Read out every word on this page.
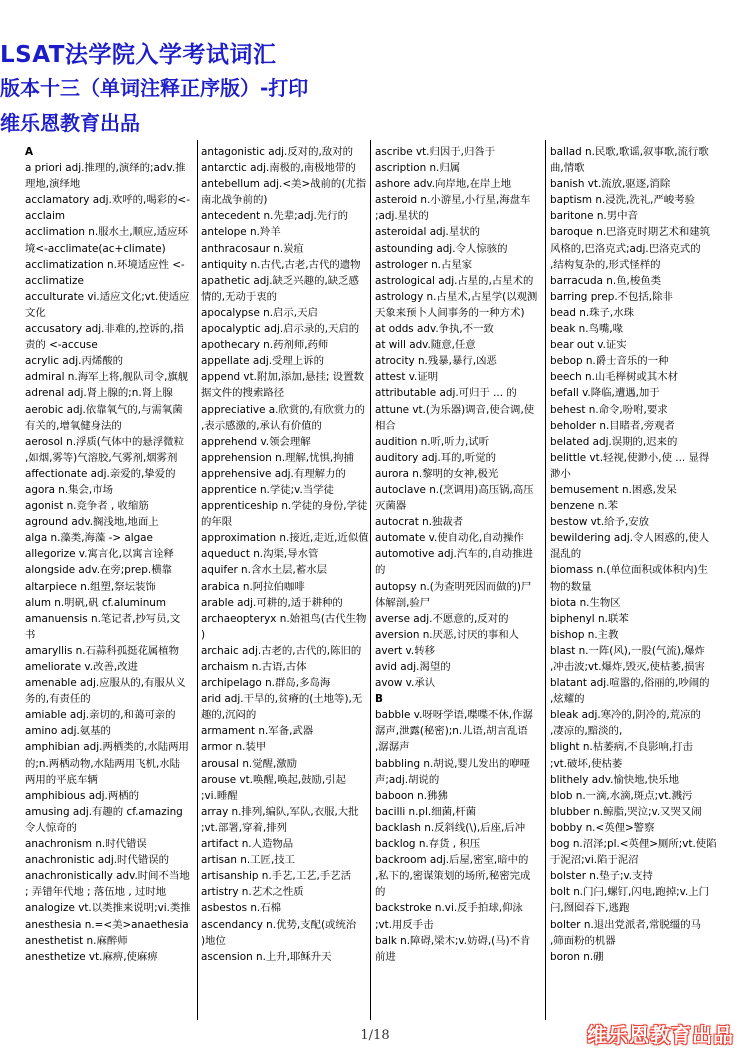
LSAT法学院入学考试词汇
版本十三（单词注释正序版）-打印
维乐恩教育出品
A
a priori adj.推理的,演绎的;adv.推
理地,演绎地
acclamatory adj.欢呼的,喝彩的<-
acclaim
acclimation n.服水土,顺应,适应环
境<-acclimate(ac+climate)
acclimatization n.环境适应性 <-
acclimatize
acculturate vi.适应文化;vt.使适应
文化
accusatory adj.非难的,控诉的,指
责的 <-accuse
acrylic adj.丙烯酸的
admiral n.海军上将,舰队司令,旗舰
adrenal adj.肾上腺的;n.肾上腺
aerobic adj.依靠氧气的,与需氧菌
有关的,增氧健身法的
aerosol n.浮质(气体中的悬浮微粒
,如烟,雾等)气溶胶,气雾剂,烟雾剂
affectionate adj.亲爱的,挚爱的
agora n.集会,市场
agonist n.竞争者 , 收缩筋
aground adv.搁浅地,地面上
alga n.藻类,海藻 -> algae
allegorize v.寓言化,以寓言诠释
alongside adv.在旁;prep.横靠
altarpiece n.组塑,祭坛装饰
alum n.明矾,矾 cf.aluminum
amanuensis n.笔记者,抄写员,文
书
amaryllis n.石蒜科孤挺花属植物
ameliorate v.改善,改进
amenable adj.应服从的,有服从义
务的,有责任的
amiable adj.亲切的,和蔼可亲的
amino adj.氨基的
amphibian adj.两栖类的,水陆两用
的;n.两栖动物,水陆两用飞机,水陆
两用的平底车辆
amphibious adj.两栖的
amusing adj.有趣的 cf.amazing
令人惊奇的
anachronism n.时代错误
anachronistic adj.时代错误的
anachronistically adv.时间不当地
; 弄错年代地 ; 落伍地 , 过时地
analogize vt.以类推来说明;vi.类推
anesthesia n.=<美>anaethesia
anesthetist n.麻醉师
anesthetize vt.麻痹,使麻痹
antagonistic adj.反对的,敌对的
antarctic adj.南极的,南极地带的
antebellum adj.<美>战前的(尤指
南北战争前的)
antecedent n.先辈;adj.先行的
antelope n.羚羊
anthracosaur n.炭疽
antiquity n.古代,古老,古代的遗物
apathetic adj.缺乏兴趣的,缺乏感
情的,无动于衷的
apocalypse n.启示,天启
apocalyptic adj.启示录的,天启的
apothecary n.药剂师,药师
appellate adj.受理上诉的
append vt.附加,添加,悬挂; 设置数
据文件的搜索路径
appreciative a.欣赏的,有欣赏力的
,表示感激的,承认有价值的
apprehend v.领会理解
apprehension n.理解,忧惧,拘捕
apprehensive adj.有理解力的
apprentice n.学徒;v.当学徒
apprenticeship n.学徒的身份,学徒
的年限
approximation n.接近,走近,近似值
aqueduct n.沟渠,导水管
aquifer n.含水土层,蓄水层
arabica n.阿拉伯咖啡
arable adj.可耕的,适于耕种的
archaeopteryx n.始祖鸟(古代生物
)
archaic adj.古老的,古代的,陈旧的
archaism n.古语,古体
archipelago n.群岛,多岛海
arid adj.干旱的,贫瘠的(土地等),无
趣的,沉闷的
armament n.军备,武器
armor n.装甲
arousal n.觉醒,激励
arouse vt.唤醒,唤起,鼓励,引起
;vi.睡醒
array n.排列,编队,军队,衣服,大批
;vt.部署,穿着,排列
artifact n.人造物品
artisan n.工匠,技工
artisanship n.手艺,工艺,手艺活
artistry n.艺术之性质
asbestos n.石棉
ascendancy n.优势,支配(或统治
)地位
ascension n.上升,耶稣升天
ascribe vt.归因于,归咎于
ascription n.归属
ashore adv.向岸地,在岸上地
asteroid n.小游星,小行星,海盘车
;adj.星状的
asteroidal adj.星状的
astounding adj.令人惊骇的
astrologer n.占星家
astrological adj.占星的,占星术的
astrology n.占星术,占星学(以观测
天象来预卜人间事务的一种方术)
at odds adv.争执,不一致
at will adv.随意,任意
atrocity n.残暴,暴行,凶恶
attest v.证明
attributable adj.可归于 ... 的
attune vt.(为乐器)调音,使合调,使
相合
audition n.听,听力,试听
auditory adj.耳的,听觉的
aurora n.黎明的女神,极光
autoclave n.(烹调用)高压锅,高压
灭菌器
autocrat n.独裁者
automate v.使自动化,自动操作
automotive adj.汽车的,自动推进
的
autopsy n.(为查明死因而做的)尸
体解剖,验尸
averse adj.不愿意的,反对的
aversion n.厌恶,讨厌的事和人
avert v.转移
avid adj.渴望的
avow v.承认
B
babble v.呀呀学语,喋喋不休,作潺
潺声,泄露(秘密);n.儿语,胡言乱语
,潺潺声
babbling n.胡说,婴儿发出的咿哑
声;adj.胡说的
baboon n.狒狒
bacilli n.pl.细菌,杆菌
backlash n.反斜线(\),后座,后冲
backlog n.存货 , 积压
backroom adj.后屋,密室,暗中的
,私下的,密谋策划的场所,秘密完成
的
backstroke n.vi.反手拍球,仰泳
;vt.用反手击
balk n.障碍,梁木;v.妨碍,(马)不肯
前进
ballad n.民歌,歌谣,叙事歌,流行歌
曲,情歌
banish vt.流放,驱逐,消除
baptism n.浸洗,洗礼,严峻考验
baritone n.男中音
baroque n.巴洛克时期艺术和建筑
风格的,巴洛克式;adj.巴洛克式的
,结构复杂的,形式怪样的
barracuda n.鱼,梭鱼类
barring prep.不包括,除非
bead n.珠子,水珠
beak n.鸟嘴,喙
bear out v.证实
bebop n.爵士音乐的一种
beech n.山毛榉树或其木材
befall v.降临,遭遇,加于
behest n.命令,吩咐,要求
beholder n.目睹者,旁观者
belated adj.误期的,迟来的
belittle vt.轻视,使渺小,使 ... 显得
渺小
bemusement n.困惑,发呆
benzene n.苯
bestow vt.给予,安放
bewildering adj.令人困惑的,使人
混乱的
biomass n.(单位面积或体积内)生
物的数量
biota n.生物区
biphenyl n.联苯
bishop n.主教
blast n.一阵(风),一股(气流),爆炸
,冲击波;vt.爆炸,毁灭,使枯萎,损害
blatant adj.喧嚣的,俗丽的,吵闹的
,炫耀的
bleak adj.寒冷的,阴冷的,荒凉的
,凄凉的,黯淡的,
blight n.枯萎病,不良影响,打击
;vt.破坏,使枯萎
blithely adv.愉快地,快乐地
blob n.一滴,水滴,斑点;vt.溅污
blubber n.鲸脂,哭泣;v.又哭又闹
bobby n.<英俚>警察
bog n.沼泽;pl.<英俚>厕所;vt.使陷
于泥沼;vi.陷于泥沼
bolster n.垫子;v.支持
bolt n.门闩,螺钉,闪电,跑掉;v.上门
闩,囫囵吞下,逃跑
bolter n.退出党派者,常脱缰的马
,筛面粉的机器
boron n.硼
1/18	维乐恩教育出品
